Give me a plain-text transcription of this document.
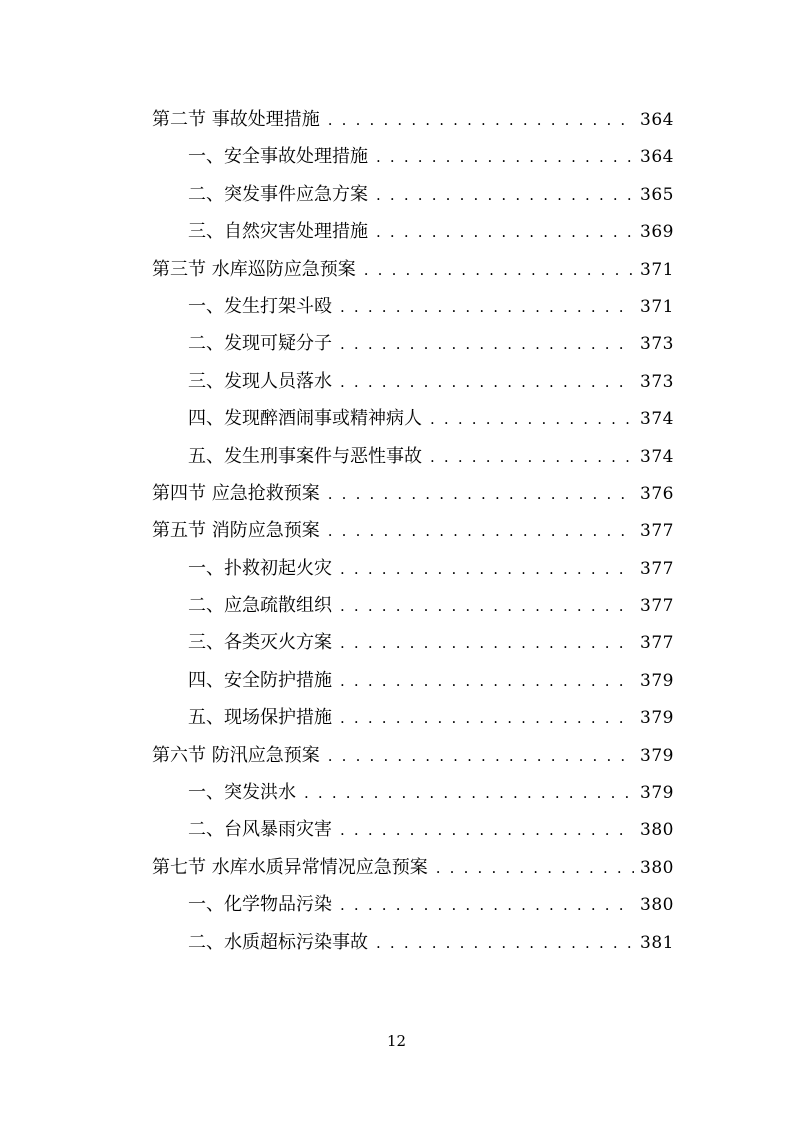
第二节 事故处理措施 . . .	364
一、安全事故处理措施 . . .	364
二、突发事件应急方案 . . .	365
三、自然灾害处理措施 . . .	369
第三节 水库巡防应急预案 . . .	371
一、发生打架斗殴 . . .	371
二、发现可疑分子 . . .	373
三、发现人员落水 . . .	373
四、发现醉酒闹事或精神病人 . . .	374
五、发生刑事案件与恶性事故 . . .	374
第四节 应急抢救预案 . . .	376
第五节 消防应急预案 . . .	377
一、扑救初起火灾 . . .	377
二、应急疏散组织 . . .	377
三、各类灭火方案 . . .	377
四、安全防护措施 . . .	379
五、现场保护措施 . . .	379
第六节 防汛应急预案 . . .	379
一、突发洪水 . . .	379
二、台风暴雨灾害 . . .	380
第七节 水库水质异常情况应急预案 . . .	380
一、化学物品污染 . . .	380
二、水质超标污染事故 . . .	381
12
